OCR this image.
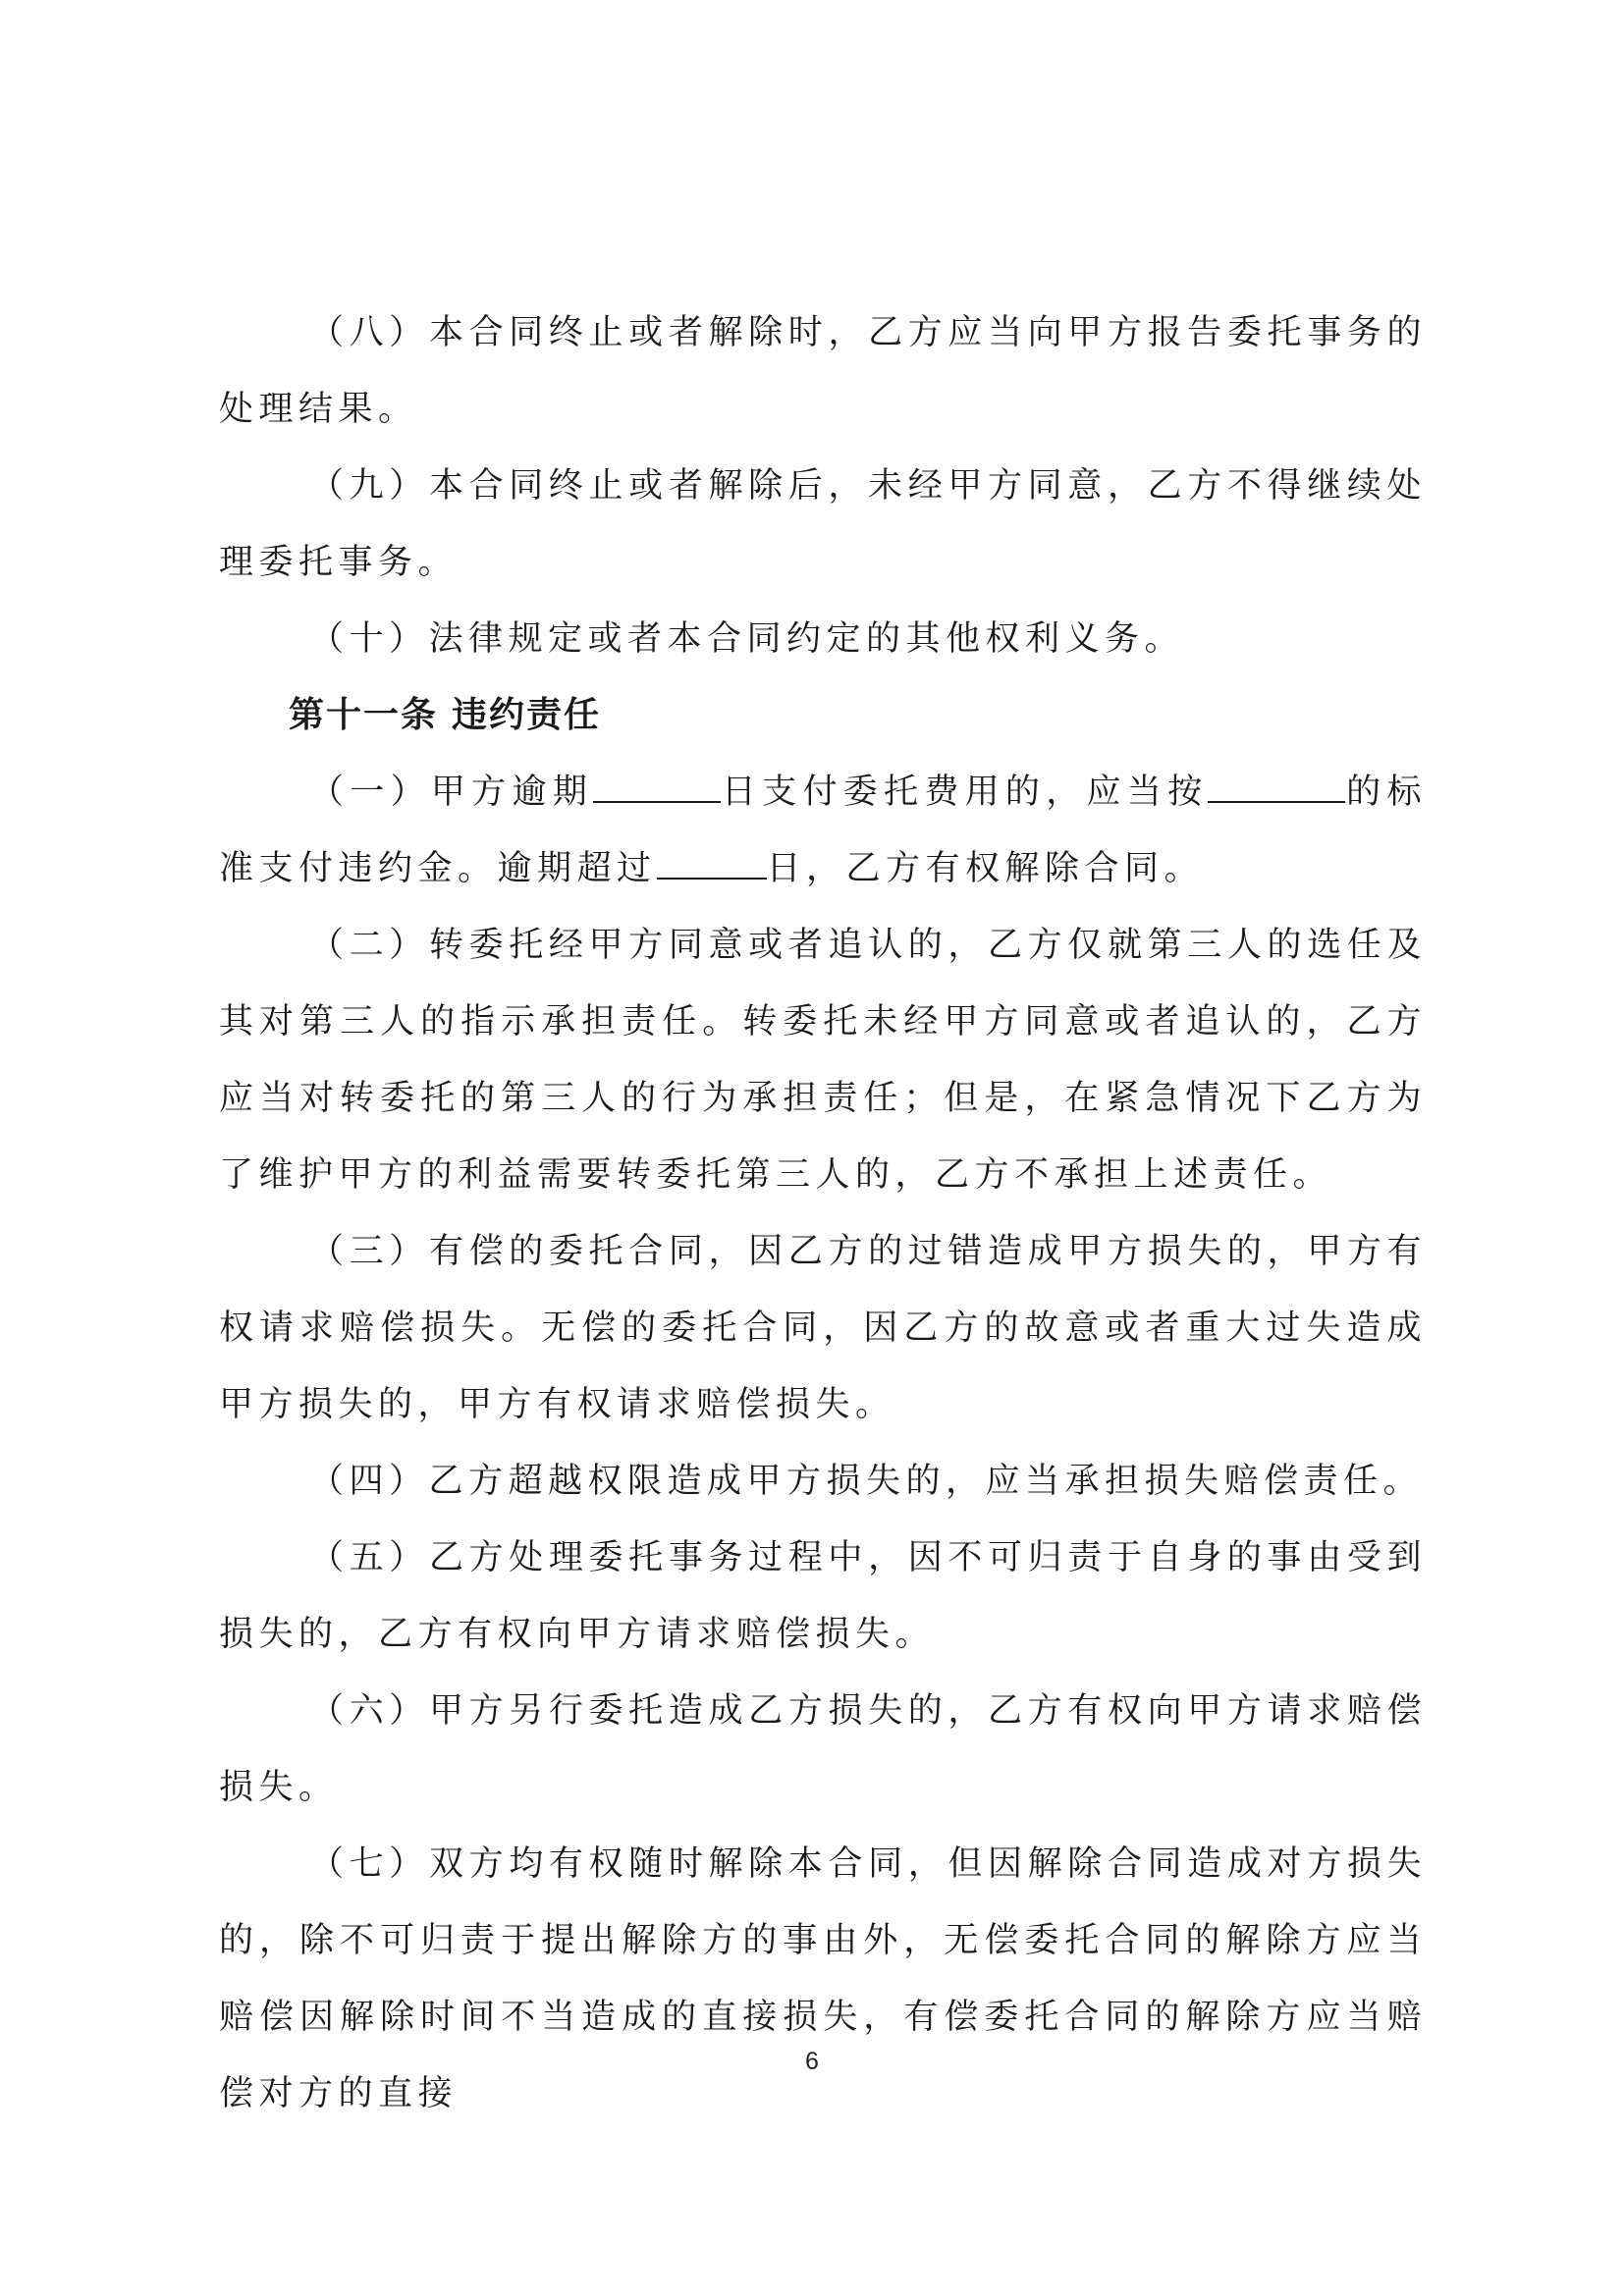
（八）本合同终止或者解除时，乙方应当向甲方报告委托事务的处理结果。

（九）本合同终止或者解除后，未经甲方同意，乙方不得继续处理委托事务。

（十）法律规定或者本合同约定的其他权利义务。

第十一条 违约责任

（一）甲方逾期	日支付委托费用的，应当按	的标准支付违约金。逾期超过	日，乙方有权解除合同。

（二）转委托经甲方同意或者追认的，乙方仅就第三人的选任及其对第三人的指示承担责任。转委托未经甲方同意或者追认的，乙方应当对转委托的第三人的行为承担责任；但是，在紧急情况下乙方为了维护甲方的利益需要转委托第三人的，乙方不承担上述责任。

（三）有偿的委托合同，因乙方的过错造成甲方损失的，甲方有权请求赔偿损失。无偿的委托合同，因乙方的故意或者重大过失造成甲方损失的，甲方有权请求赔偿损失。

（四）乙方超越权限造成甲方损失的，应当承担损失赔偿责任。

（五）乙方处理委托事务过程中，因不可归责于自身的事由受到损失的，乙方有权向甲方请求赔偿损失。

（六）甲方另行委托造成乙方损失的，乙方有权向甲方请求赔偿损失。

（七）双方均有权随时解除本合同，但因解除合同造成对方损失的，除不可归责于提出解除方的事由外，无偿委托合同的解除方应当赔偿因解除时间不当造成的直接损失，有偿委托合同的解除方应当赔偿对方的直接

6
